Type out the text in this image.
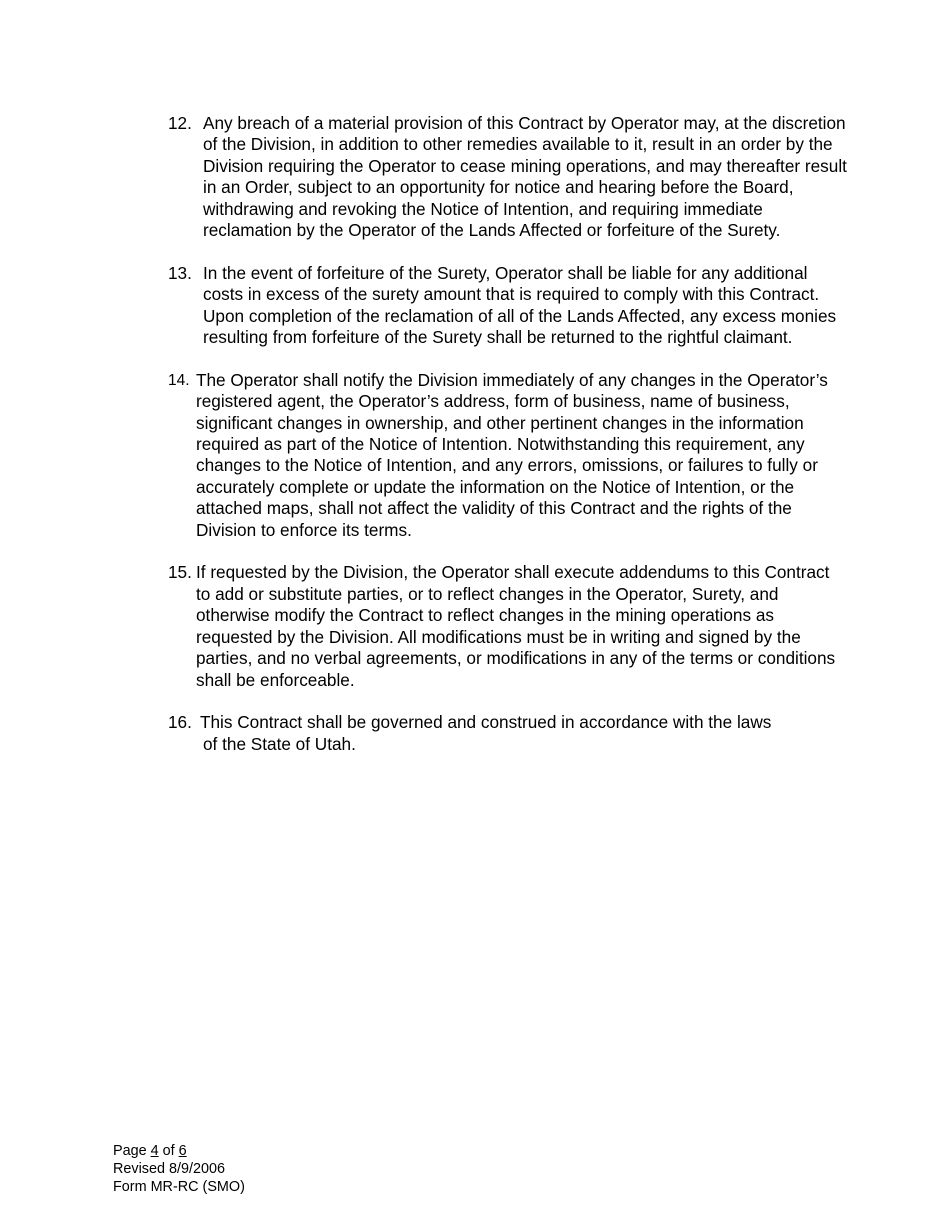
12. Any breach of a material provision of this Contract by Operator may, at the discretion of the Division, in addition to other remedies available to it, result in an order by the Division requiring the Operator to cease mining operations, and may thereafter result in an Order, subject to an opportunity for notice and hearing before the Board, withdrawing and revoking the Notice of Intention, and requiring immediate reclamation by the Operator of the Lands Affected or forfeiture of the Surety.
13. In the event of forfeiture of the Surety, Operator shall be liable for any additional costs in excess of the surety amount that is required to comply with this Contract. Upon completion of the reclamation of all of the Lands Affected, any excess monies resulting from forfeiture of the Surety shall be returned to the rightful claimant.
14. The Operator shall notify the Division immediately of any changes in the Operator’s registered agent, the Operator’s address, form of business, name of business, significant changes in ownership, and other pertinent changes in the information required as part of the Notice of Intention. Notwithstanding this requirement, any changes to the Notice of Intention, and any errors, omissions, or failures to fully or accurately complete or update the information on the Notice of Intention, or the attached maps, shall not affect the validity of this Contract and the rights of the Division to enforce its terms.
15. If requested by the Division, the Operator shall execute addendums to this Contract to add or substitute parties, or to reflect changes in the Operator, Surety, and otherwise modify the Contract to reflect changes in the mining operations as requested by the Division. All modifications must be in writing and signed by the parties, and no verbal agreements, or modifications in any of the terms or conditions shall be enforceable.
16. This Contract shall be governed and construed in accordance with the laws
of the State of Utah.
Page 4 of 6
Revised 8/9/2006
Form MR-RC (SMO)
